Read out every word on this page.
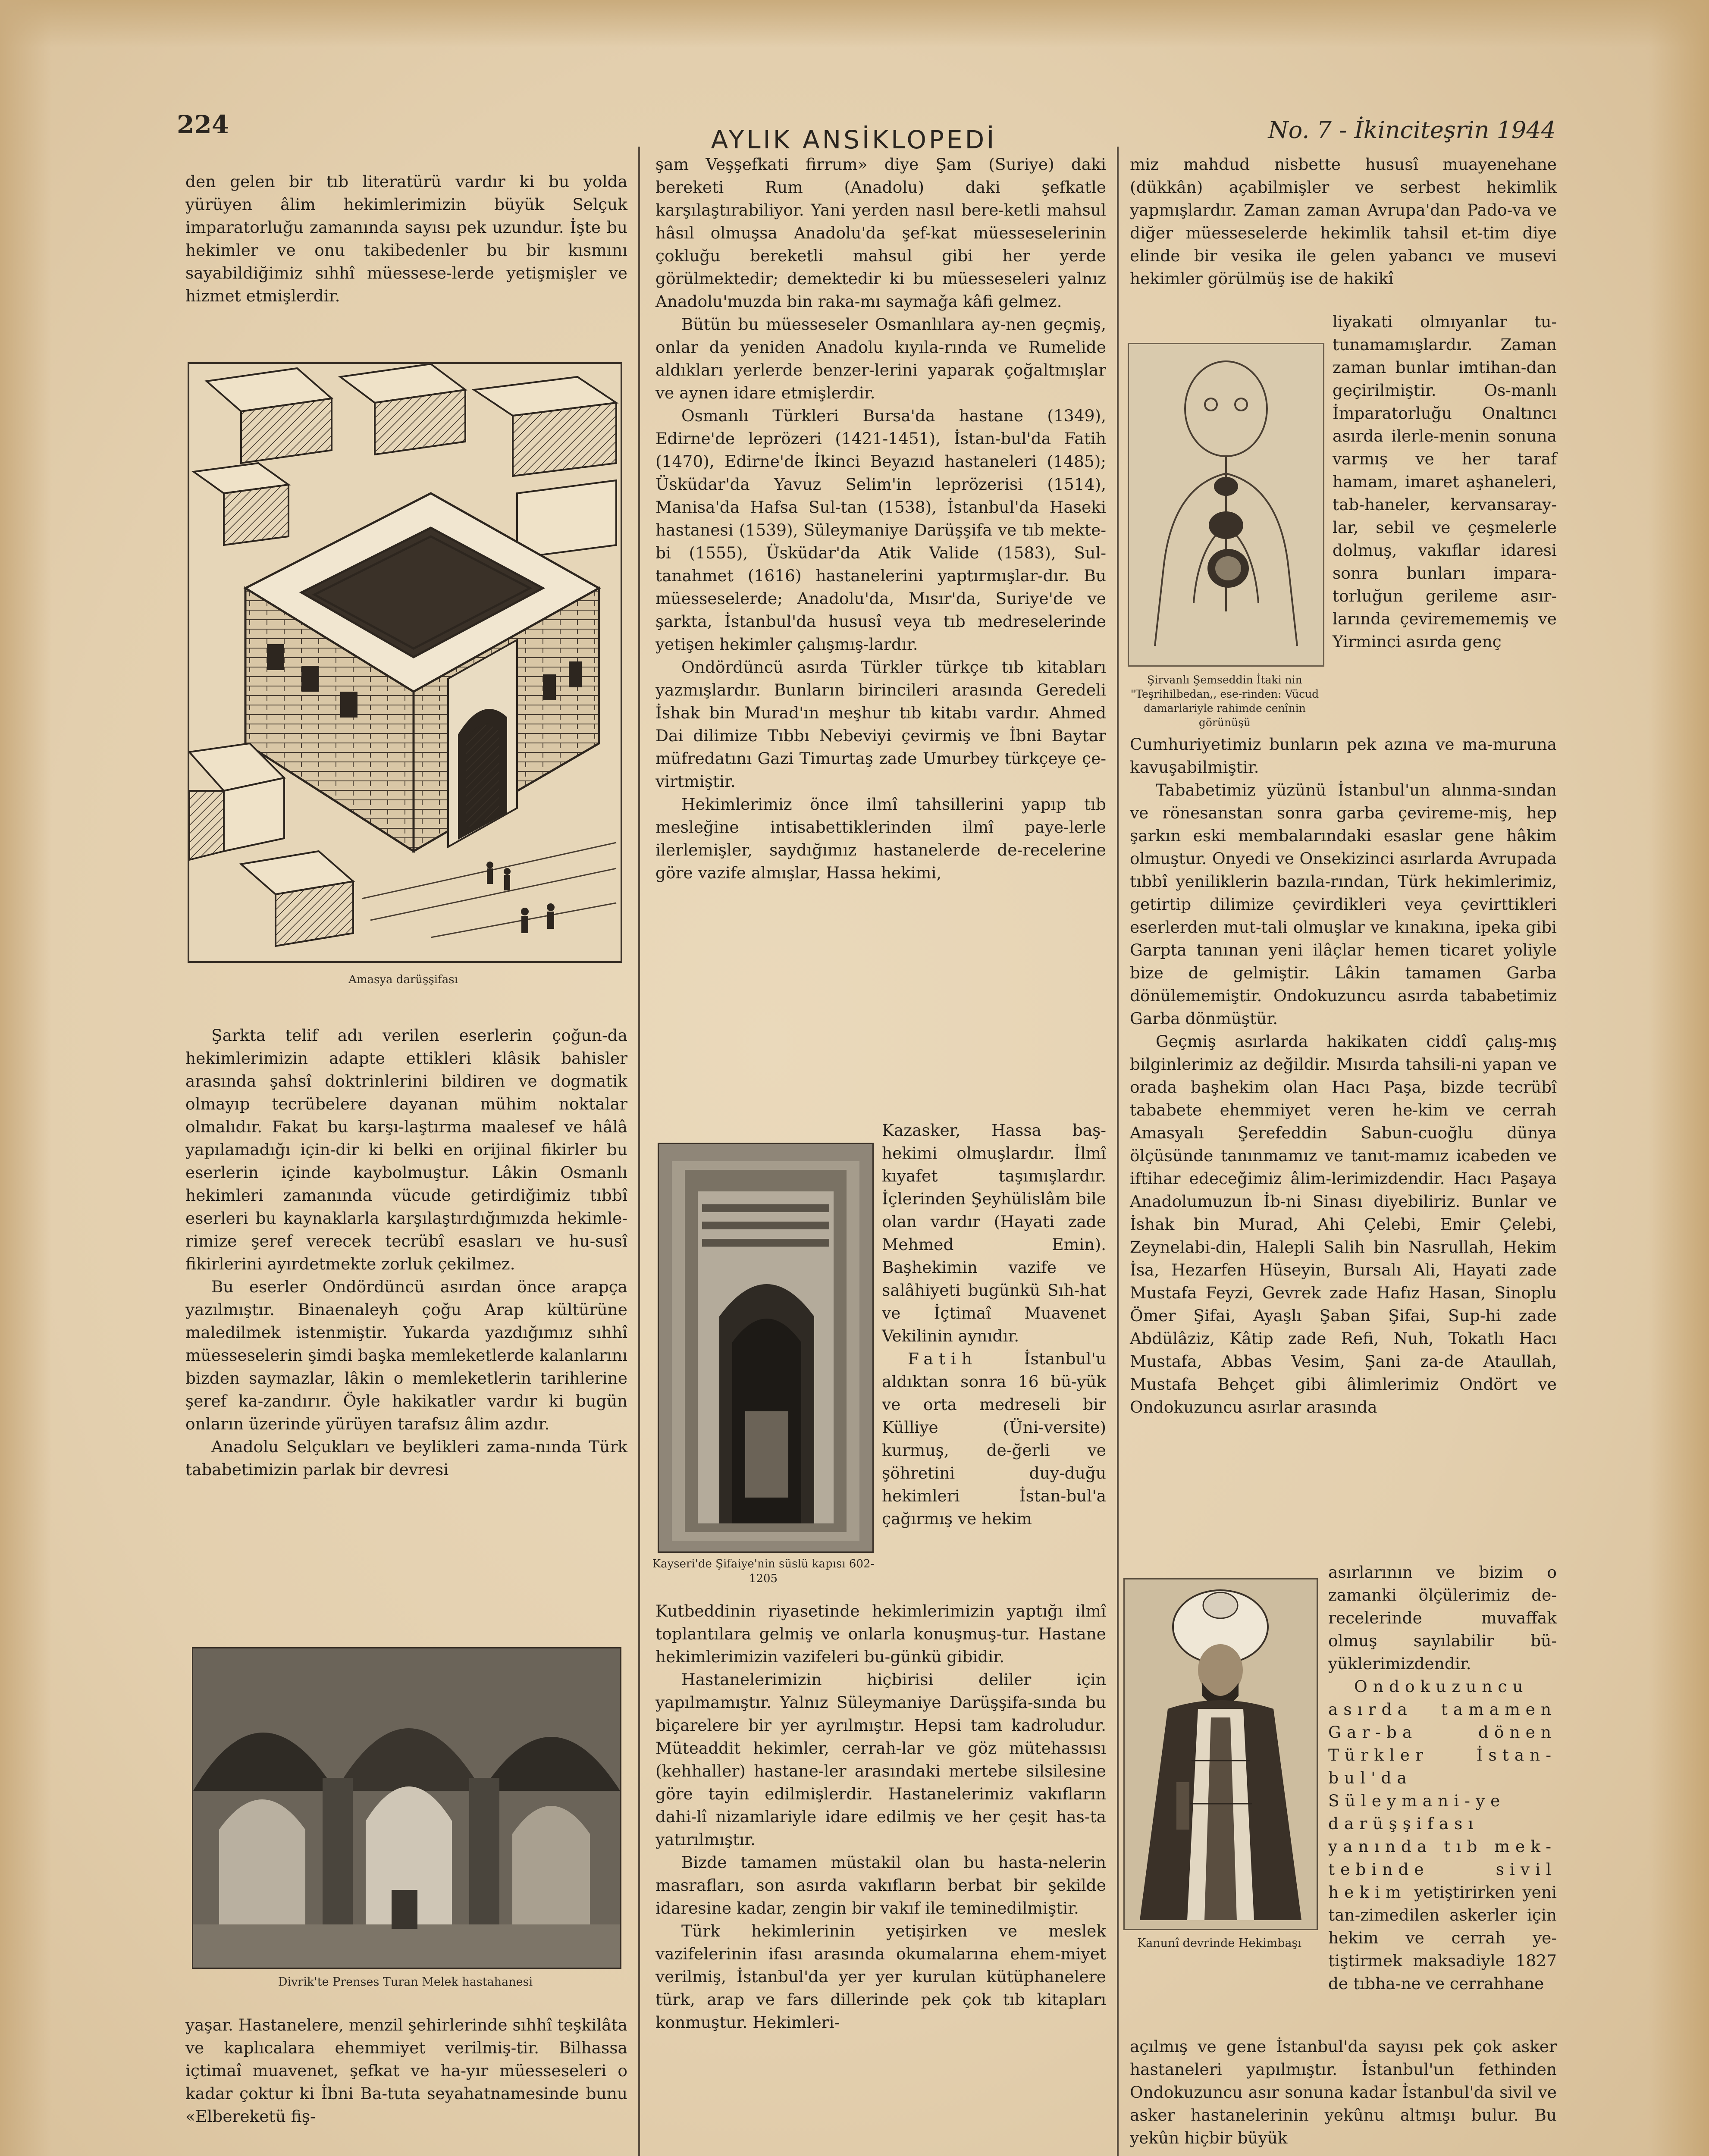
224
AYLIK ANSİKLOPEDİ	No. 7 - İkinciteşrin 1944

den gelen bir tıb literatürü vardır ki bu yolda yürüyen âlim hekimlerimizin büyük Selçuk imparatorluğu zamanında sayısı pek uzundur. İşte bu hekimler ve onu takibedenler bu bir kısmını sayabildiğimiz sıhhî müessese-lerde yetişmişler ve hizmet etmişlerdir.

Amasya darüşşifası

Şarkta telif adı verilen eserlerin çoğun-da hekimlerimizin adapte ettikleri klâsik bahisler arasında şahsî doktrinlerini bildiren ve dogmatik olmayıp tecrübelere dayanan mühim noktalar olmalıdır. Fakat bu karşı-laştırma maalesef ve hâlâ yapılamadığı için-dir ki belki en orijinal fikirler bu eserlerin içinde kaybolmuştur. Lâkin Osmanlı hekimleri zamanında vücude getirdiğimiz tıbbî eserleri bu kaynaklarla karşılaştırdığımızda hekimle-rimize şeref verecek tecrübî esasları ve hu-susî fikirlerini ayırdetmekte zorluk çekilmez.

Bu eserler Ondördüncü asırdan önce arapça yazılmıştır. Binaenaleyh çoğu Arap kültürüne maledilmek istenmiştir. Yukarda yazdığımız sıhhî müesseselerin şimdi başka memleketlerde kalanlarını bizden saymazlar, lâkin o memleketlerin tarihlerine şeref ka-zandırır. Öyle hakikatler vardır ki bugün onların üzerinde yürüyen tarafsız âlim azdır.

Anadolu Selçukları ve beylikleri zama-nında Türk tababetimizin parlak bir devresi

Divrik'te Prenses Turan Melek hastahanesi

yaşar. Hastanelere, menzil şehirlerinde sıhhî teşkilâta ve kaplıcalara ehemmiyet verilmiş-tir. Bilhassa içtimaî muavenet, şefkat ve ha-yır müesseseleri o kadar çoktur ki İbni Ba-tuta seyahatnamesinde bunu «Elbereketü fiş-

şam Veşşefkati firrum» diye Şam (Suriye) daki bereketi Rum (Anadolu) daki şefkatle karşılaştırabiliyor. Yani yerden nasıl bere-ketli mahsul hâsıl olmuşsa Anadolu'da şef-kat müesseselerinin çokluğu bereketli mahsul gibi her yerde görülmektedir; demektedir ki bu müesseseleri yalnız Anadolu'muzda bin raka-mı saymağa kâfi gelmez.

Bütün bu müesseseler Osmanlılara ay-nen geçmiş, onlar da yeniden Anadolu kıyıla-rında ve Rumelide aldıkları yerlerde benzer-lerini yaparak çoğaltmışlar ve aynen idare etmişlerdir.

Osmanlı Türkleri Bursa'da hastane (1349), Edirne'de leprözeri (1421-1451), İstan-bul'da Fatih (1470), Edirne'de İkinci Beyazıd hastaneleri (1485); Üsküdar'da Yavuz Selim'in leprözerisi (1514), Manisa'da Hafsa Sul-tan (1538), İstanbul'da Haseki hastanesi (1539), Süleymaniye Darüşşifa ve tıb mekte-bi (1555), Üsküdar'da Atik Valide (1583), Sul-tanahmet (1616) hastanelerini yaptırmışlar-dır. Bu müesseselerde; Anadolu'da, Mısır'da, Suriye'de ve şarkta, İstanbul'da hususî veya tıb medreselerinde yetişen hekimler çalışmış-lardır.

Ondördüncü asırda Türkler türkçe tıb kitabları yazmışlardır. Bunların birincileri arasında Geredeli İshak bin Murad'ın meşhur tıb kitabı vardır. Ahmed Dai dilimize Tıbbı Nebeviyi çevirmiş ve İbni Baytar müfredatını Gazi Timurtaş zade Umurbey türkçeye çe-virtmiştir.

Hekimlerimiz önce ilmî tahsillerini yapıp tıb mesleğine intisabettiklerinden ilmî paye-lerle ilerlemişler, saydığımız hastanelerde de-recelerine göre vazife almışlar, Hassa hekimi,

Kayseri'de Şifaiye'nin süslü kapısı 602-1205

Kazasker, Hassa baş-hekimi olmuşlardır. İlmî kıyafet taşımışlardır. İçlerinden Şeyhülislâm bile olan vardır (Hayati zade Mehmed Emin). Başhekimin vazife ve salâhiyeti bugünkü Sıh-hat ve İçtimaî Muavenet Vekilinin aynıdır.

Fatih	İstanbul'u aldıktan sonra 16 bü-yük ve orta medreseli bir Külliye (Üni-versite) kurmuş, de-ğerli ve şöhretini duy-duğu hekimleri İstan-bul'a çağırmış ve hekim

Kutbeddinin riyasetinde hekimlerimizin yaptığı ilmî toplantılara gelmiş ve onlarla konuşmuş-tur. Hastane hekimlerimizin vazifeleri bu-günkü gibidir.

Hastanelerimizin hiçbirisi deliler için yapılmamıştır. Yalnız Süleymaniye Darüşşifa-sında bu biçarelere bir yer ayrılmıştır. Hepsi tam kadroludur. Müteaddit hekimler, cerrah-lar ve göz mütehassısı (kehhaller) hastane-ler arasındaki mertebe silsilesine göre tayin edilmişlerdir. Hastanelerimiz vakıfların dahi-lî nizamlariyle idare edilmiş ve her çeşit has-ta yatırılmıştır.

Bizde tamamen müstakil olan bu hasta-nelerin masrafları, son asırda vakıfların berbat bir şekilde idaresine kadar, zengin bir vakıf ile teminedilmiştir.

Türk hekimlerinin yetişirken ve meslek vazifelerinin ifası arasında okumalarına ehem-miyet verilmiş, İstanbul'da yer yer kurulan kütüphanelere türk, arap ve fars dillerinde pek çok tıb kitapları konmuştur. Hekimleri-

miz mahdud nisbette hususî muayenehane (dükkân) açabilmişler ve serbest hekimlik yapmışlardır. Zaman zaman Avrupa'dan Pado-va ve diğer müesseselerde hekimlik tahsil et-tim diye elinde bir vesika ile gelen yabancı ve musevi hekimler görülmüş ise de hakikî

Şirvanlı Şemseddin İtaki nin "Teşrihilbedan,, ese-rinden: Vücud damarlariyle rahimde cenînin görünüşü

liyakati olmıyanlar tu-tunamamışlardır. Zaman zaman bunlar imtihan-dan geçirilmiştir. Os-manlı İmparatorluğu Onaltıncı asırda ilerle-menin sonuna varmış ve her taraf hamam, imaret aşhaneleri, tab-haneler, kervansaray-lar, sebil ve çeşmelerle dolmuş, vakıflar idaresi sonra bunları impara-torluğun gerileme asır-larında çeviremememiş ve Yirminci asırda genç

Cumhuriyetimiz bunların pek azına ve ma-muruna kavuşabilmiştir.

Tababetimiz yüzünü İstanbul'un alınma-sından ve rönesanstan sonra garba çevireme-miş, hep şarkın eski membalarındaki esaslar gene hâkim olmuştur. Onyedi ve Onsekizinci asırlarda Avrupada tıbbî yeniliklerin bazıla-rından, Türk hekimlerimiz, getirtip dilimize çevirdikleri veya çevirttikleri eserlerden mut-tali olmuşlar ve kınakına, ipeka gibi Garpta tanınan yeni ilâçlar hemen ticaret yoliyle bize de gelmiştir. Lâkin tamamen Garba dönülememiştir. Ondokuzuncu asırda tababetimiz Garba dönmüştür.

Geçmiş asırlarda hakikaten ciddî çalış-mış bilginlerimiz az değildir. Mısırda tahsili-ni yapan ve orada başhekim olan Hacı Paşa, bizde tecrübî tababete ehemmiyet veren he-kim ve cerrah Amasyalı Şerefeddin Sabun-cuoğlu dünya ölçüsünde tanınmamız ve tanıt-mamız icabeden ve iftihar edeceğimiz âlim-lerimizdendir. Hacı Paşaya Anadolumuzun İb-ni Sinası diyebiliriz. Bunlar ve İshak bin Murad, Ahi Çelebi, Emir Çelebi, Zeynelabi-din, Halepli Salih bin Nasrullah, Hekim İsa, Hezarfen Hüseyin, Bursalı Ali, Hayati zade Mustafa Feyzi, Gevrek zade Hafız Hasan, Sinoplu Ömer Şifai, Ayaşlı Şaban Şifai, Sup-hi zade Abdülâziz, Kâtip zade Refi, Nuh, Tokatlı Hacı Mustafa, Abbas Vesim, Şani za-de Ataullah, Mustafa Behçet gibi âlimlerimiz Ondört ve Ondokuzuncu asırlar arasında

Kanunî devrinde Hekimbaşı

asırlarının ve bizim o zamanki ölçülerimiz de-recelerinde muvaffak olmuş sayılabilir bü-yüklerimizdendir.

Ondokuzuncu asırda tamamen Gar-ba dönen Türkler İstan-bul'da Süleymani-ye darüşşifası yanında tıb mek-tebinde sivil hekim yetiştirirken yeni tan-zimedilen askerler için hekim ve cerrah ye-tiştirmek maksadiyle 1827 de tıbha-ne ve cerrahhane

açılmış ve gene İstanbul'da sayısı pek çok asker hastaneleri yapılmıştır. İstanbul'un fethinden Ondokuzuncu asır sonuna kadar İstanbul'da sivil ve asker hastanelerinin yekûnu altmışı bulur. Bu yekûn hiçbir büyük
